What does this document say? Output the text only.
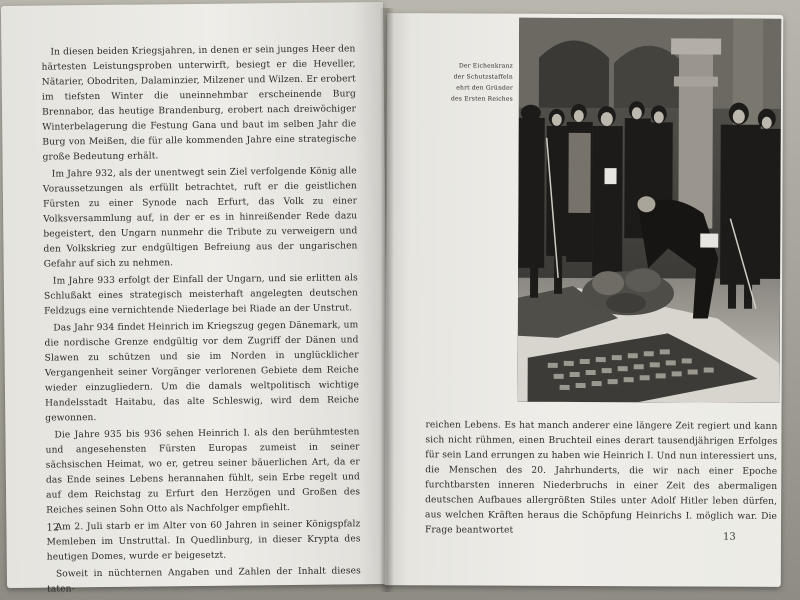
In diesen beiden Kriegsjahren, in denen er sein junges Heer den härtesten Leistungsproben unterwirft, besiegt er die Heveller, Nätarier, Obodriten, Dalaminzier, Milzener und Wilzen. Er erobert im tiefsten Winter die uneinnehmbar erscheinende Burg Brennabor, das heutige Brandenburg, erobert nach dreiwöchiger Winterbelagerung die Festung Gana und baut im selben Jahr die Burg von Meißen, die für alle kommenden Jahre eine strategische große Bedeutung erhält.

Im Jahre 932, als der unentwegt sein Ziel verfolgende König alle Voraussetzungen als erfüllt betrachtet, ruft er die geistlichen Fürsten zu einer Synode nach Erfurt, das Volk zu einer Volksversammlung auf, in der er es in hinreißender Rede dazu begeistert, den Ungarn nunmehr die Tribute zu verweigern und den Volkskrieg zur endgültigen Befreiung aus der ungarischen Gefahr auf sich zu nehmen.

Im Jahre 933 erfolgt der Einfall der Ungarn, und sie erlitten als Schlußakt eines strategisch meisterhaft angelegten deutschen Feldzugs eine vernichtende Niederlage bei Riade an der Unstrut.

Das Jahr 934 findet Heinrich im Kriegszug gegen Dänemark, um die nordische Grenze endgültig vor dem Zugriff der Dänen und Slawen zu schützen und sie im Norden in unglücklicher Vergangenheit seiner Vorgänger verlorenen Gebiete dem Reiche wieder einzugliedern. Um die damals weltpolitisch wichtige Handelsstadt Haitabu, das alte Schleswig, wird dem Reiche gewonnen.

Die Jahre 935 bis 936 sehen Heinrich I. als den berühmtesten und angesehensten Fürsten Europas zumeist in seiner sächsischen Heimat, wo er, getreu seiner bäuerlichen Art, da er das Ende seines Lebens herannahen fühlt, sein Erbe regelt und auf dem Reichstag zu Erfurt den Herzögen und Großen des Reiches seinen Sohn Otto als Nachfolger empfiehlt.

Am 2. Juli starb er im Alter von 60 Jahren in seiner Königspfalz Memleben im Unstruttal. In Quedlinburg, in dieser Krypta des heutigen Domes, wurde er beigesetzt.

Soweit in nüchternen Angaben und Zahlen der Inhalt dieses taten-

12
Der Eichenkranz
der Schutzstaffeln
ehrt den Gründer
des Ersten Reiches

reichen Lebens. Es hat manch anderer eine längere Zeit regiert und kann sich nicht rühmen, einen Bruchteil eines derart tausendjährigen Erfolges für sein Land errungen zu haben wie Heinrich I. Und nun interessiert uns, die Menschen des 20. Jahrhunderts, die wir nach einer Epoche furchtbarsten inneren Niederbruchs in einer Zeit des abermaligen deutschen Aufbaues allergrößten Stiles unter Adolf Hitler leben dürfen, aus welchen Kräften heraus die Schöpfung Heinrichs I. möglich war. Die Frage beantwortet

13
